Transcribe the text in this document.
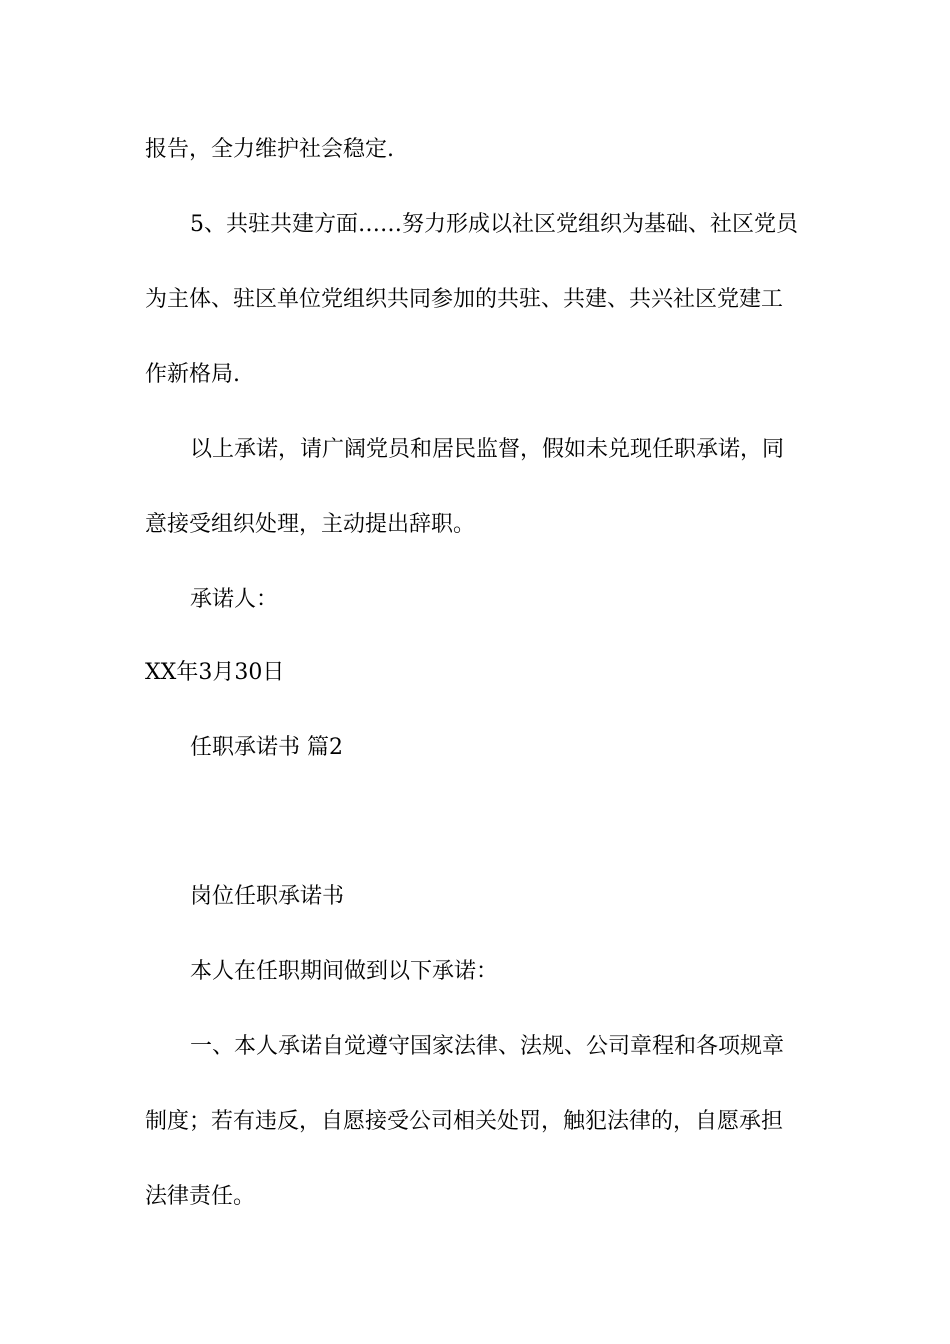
报告，全力维护社会稳定.
5、共驻共建方面……努力形成以社区党组织为基础、社区党员
为主体、驻区单位党组织共同参加的共驻、共建、共兴社区党建工
作新格局.
以上承诺，请广阔党员和居民监督，假如未兑现任职承诺，同
意接受组织处理，主动提出辞职。
承诺人：
XX年3月30日
任职承诺书 篇2
岗位任职承诺书
本人在任职期间做到以下承诺：
一、本人承诺自觉遵守国家法律、法规、公司章程和各项规章
制度；若有违反，自愿接受公司相关处罚，触犯法律的，自愿承担
法律责任。
